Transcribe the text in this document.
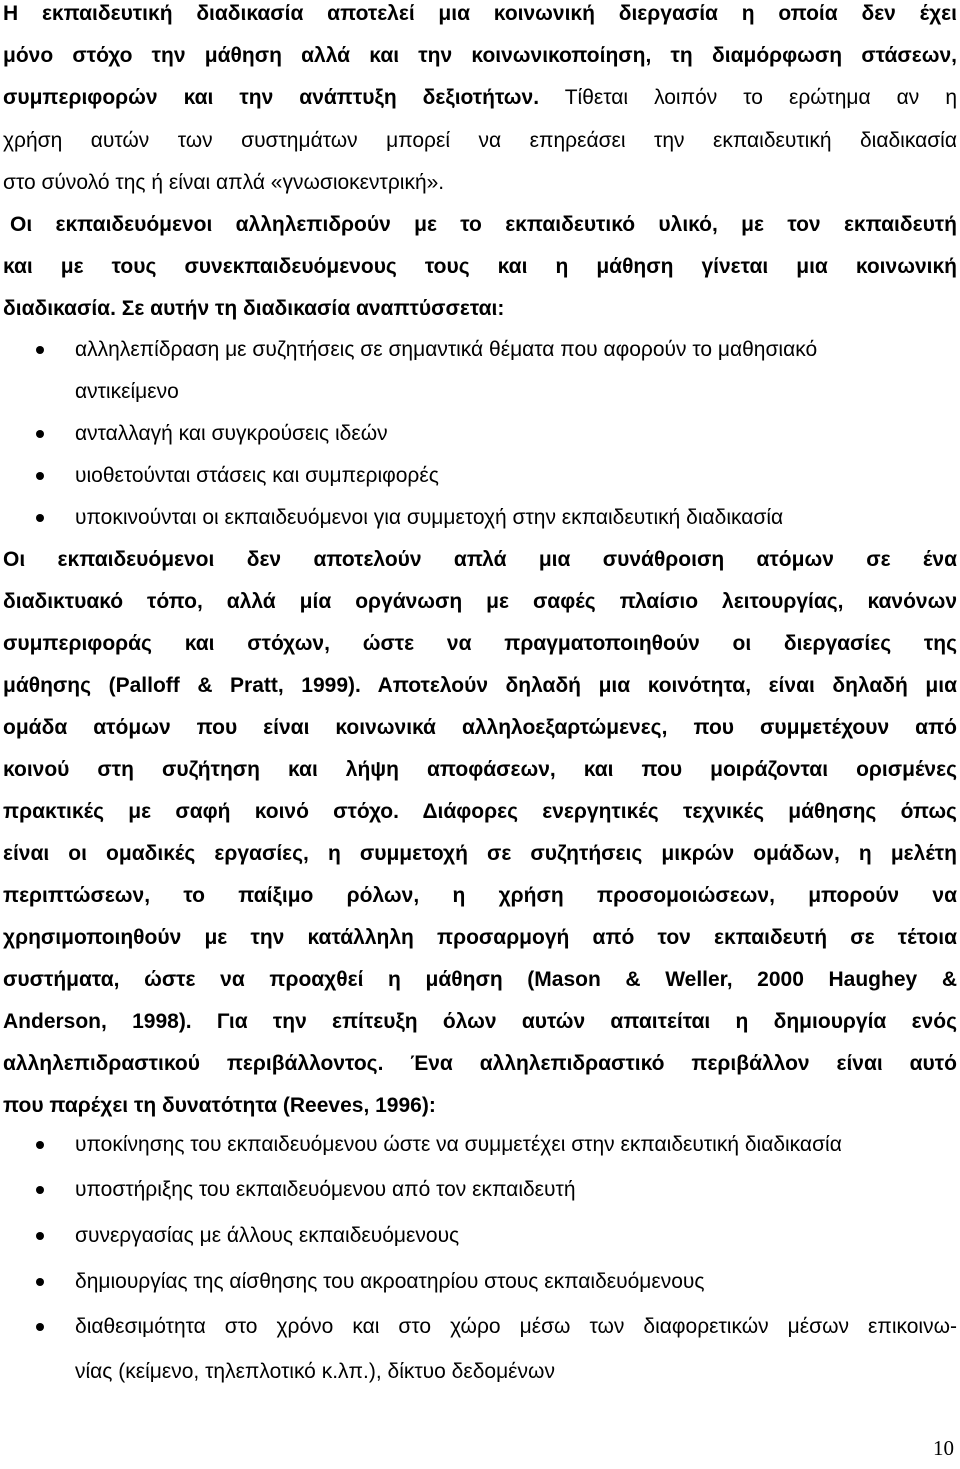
Η εκπαιδευτική διαδικασία αποτελεί μια κοινωνική διεργασία η οποία δεν έχει
μόνο στόχο την μάθηση αλλά και την κοινωνικοποίηση, τη διαμόρφωση στάσεων,
συμπεριφορών και την ανάπτυξη δεξιοτήτων. Τίθεται λοιπόν το ερώτημα αν η
χρήση αυτών των συστημάτων μπορεί να επηρεάσει την εκπαιδευτική διαδικασία
στο σύνολό της ή είναι απλά «γνωσιοκεντρική».
Οι εκπαιδευόμενοι αλληλεπιδρούν με το εκπαιδευτικό υλικό, με τον εκπαιδευτή
και με τους συνεκπαιδευόμενους τους και η μάθηση γίνεται μια κοινωνική
διαδικασία. Σε αυτήν τη διαδικασία αναπτύσσεται:
αλληλεπίδραση με συζητήσεις σε σημαντικά θέματα που αφορούν το μαθησιακό
αντικείμενο
ανταλλαγή και συγκρούσεις ιδεών
υιοθετούνται στάσεις και συμπεριφορές
υποκινούνται οι εκπαιδευόμενοι για συμμετοχή στην εκπαιδευτική διαδικασία
Οι εκπαιδευόμενοι δεν αποτελούν απλά μια συνάθροιση ατόμων σε ένα
διαδικτυακό τόπο, αλλά μία οργάνωση με σαφές πλαίσιο λειτουργίας, κανόνων
συμπεριφοράς και στόχων, ώστε να πραγματοποιηθούν οι διεργασίες της
μάθησης (Palloff & Pratt, 1999). Αποτελούν δηλαδή μια κοινότητα, είναι δηλαδή μια
ομάδα ατόμων που είναι κοινωνικά αλληλοεξαρτώμενες, που συμμετέχουν από
κοινού στη συζήτηση και λήψη αποφάσεων, και που μοιράζονται ορισμένες
πρακτικές με σαφή κοινό στόχο. Διάφορες ενεργητικές τεχνικές μάθησης όπως
είναι οι ομαδικές εργασίες, η συμμετοχή σε συζητήσεις μικρών ομάδων, η μελέτη
περιπτώσεων, το παίξιμο ρόλων, η χρήση προσομοιώσεων, μπορούν να
χρησιμοποιηθούν με την κατάλληλη προσαρμογή από τον εκπαιδευτή σε τέτοια
συστήματα, ώστε να προαχθεί η μάθηση (Mason & Weller, 2000 Haughey &
Anderson, 1998). Για την επίτευξη όλων αυτών απαιτείται η δημιουργία ενός
αλληλεπιδραστικού περιβάλλοντος. Ένα αλληλεπιδραστικό περιβάλλον είναι αυτό
που παρέχει τη δυνατότητα (Reeves, 1996):
υποκίνησης του εκπαιδευόμενου ώστε να συμμετέχει στην εκπαιδευτική διαδικασία
υποστήριξης του εκπαιδευόμενου από τον εκπαιδευτή
συνεργασίας με άλλους εκπαιδευόμενους
δημιουργίας της αίσθησης του ακροατηρίου στους εκπαιδευόμενους
διαθεσιμότητα στο χρόνο και στο χώρο μέσω των διαφορετικών μέσων επικοινω-
νίας (κείμενο, τηλεπλοτικό κ.λπ.), δίκτυο δεδομένων
10
